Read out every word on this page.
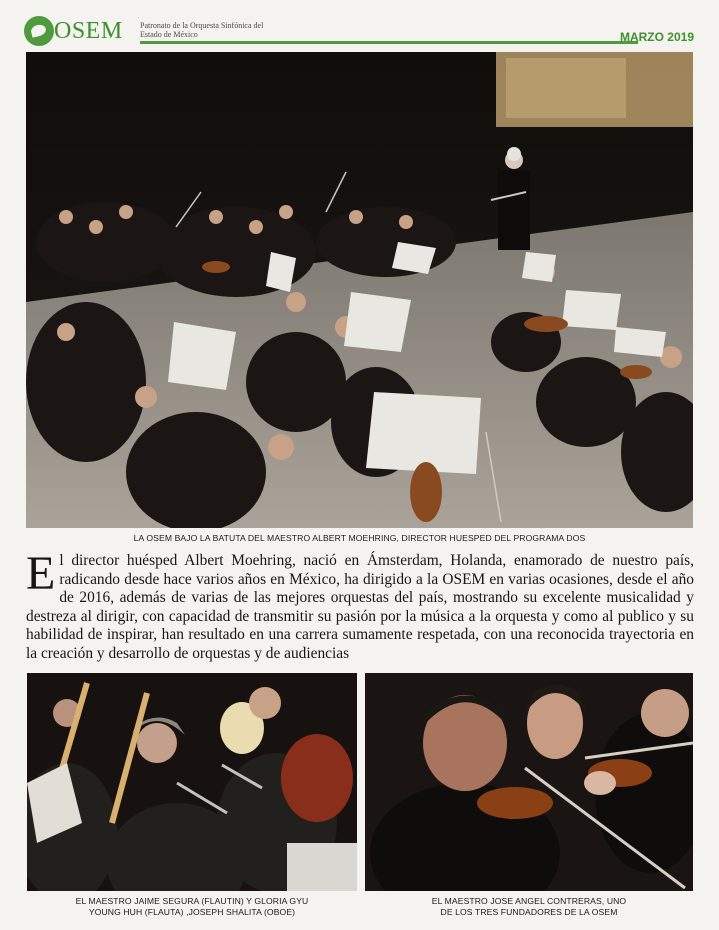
OSEM Patronato de la Orquesta Sinfónica del Estado de México	MARZO 2019
LA OSEM BAJO LA BATUTA DEL MAESTRO ALBERT MOEHRING, DIRECTOR HUESPED DEL PROGRAMA DOS
El director huésped Albert Moehring, nació en Ámsterdam, Holanda, enamorado de nuestro país, radicando desde hace varios años en México, ha dirigido a la OSEM en varias ocasiones, desde el año de 2016, además de varias de las mejores orquestas del país, mostrando su excelente musicalidad y destreza al dirigir, con capacidad de transmitir su pasión por la música a la orquesta y como al publico y su habilidad de inspirar, han resultado en una carrera sumamente respetada, con una reconocida trayectoria en la creación y desarrollo de orquestas y de audiencias
EL MAESTRO JAIME SEGURA (FLAUTIN) Y GLORIA GYU
YOUNG HUH (FLAUTA) ,JOSEPH SHALITA (OBOE)
EL MAESTRO JOSE ANGEL CONTRERAS, UNO
DE LOS TRES FUNDADORES DE LA OSEM
